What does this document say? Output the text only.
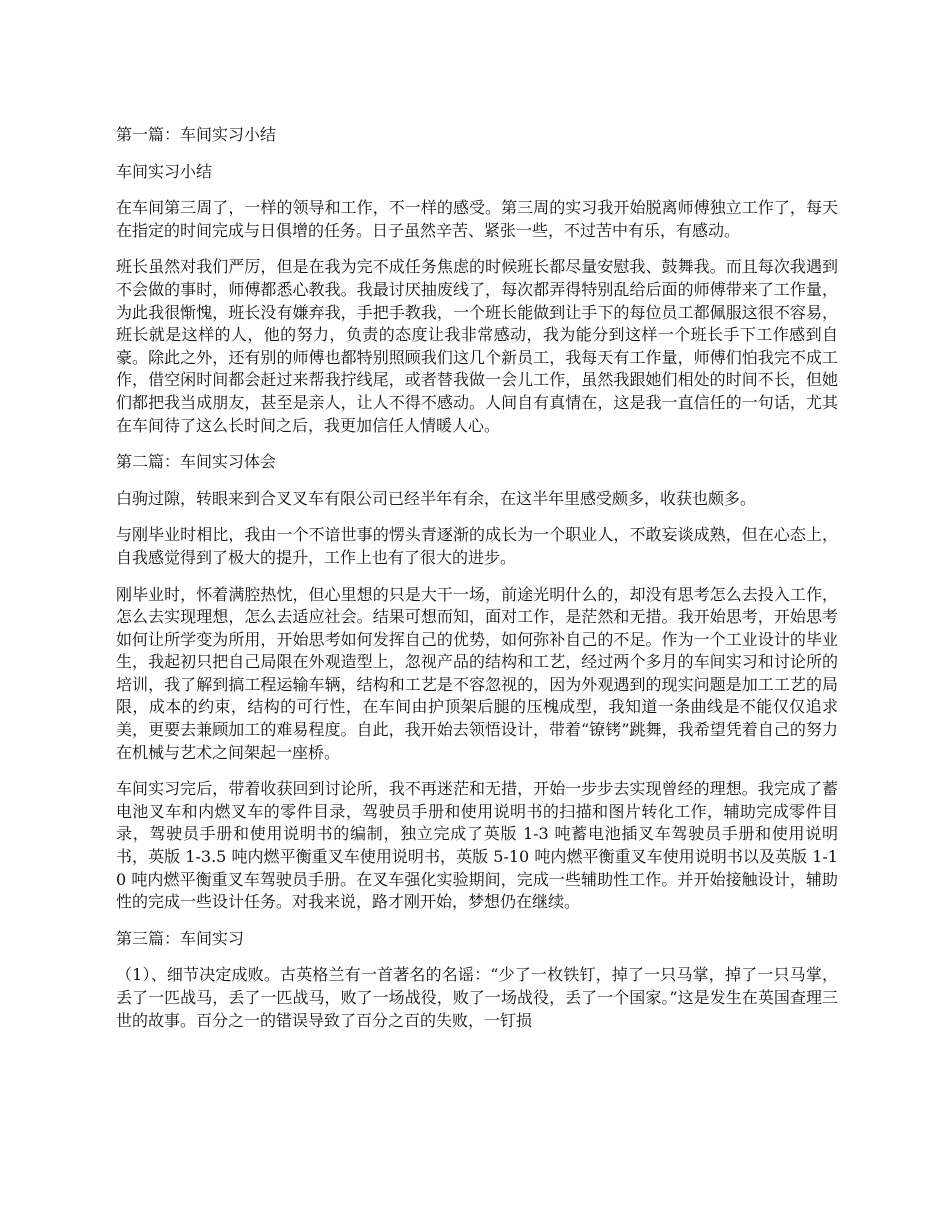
第一篇：车间实习小结
车间实习小结

在车间第三周了，一样的领导和工作，不一样的感受。第三周的实习我开始脱离师傅独立工作了，每天在指定的时间完成与日俱增的任务。日子虽然辛苦、紧张一些，不过苦中有乐，有感动。

班长虽然对我们严厉，但是在我为完不成任务焦虑的时候班长都尽量安慰我、鼓舞我。而且每次我遇到不会做的事时，师傅都悉心教我。我最讨厌抽废线了，每次都弄得特别乱给后面的师傅带来了工作量，为此我很惭愧，班长没有嫌弃我，手把手教我，一个班长能做到让手下的每位员工都佩服这很不容易，班长就是这样的人，他的努力，负责的态度让我非常感动，我为能分到这样一个班长手下工作感到自豪。除此之外，还有别的师傅也都特别照顾我们这几个新员工，我每天有工作量，师傅们怕我完不成工作，借空闲时间都会赶过来帮我拧线尾，或者替我做一会儿工作，虽然我跟她们相处的时间不长，但她们都把我当成朋友，甚至是亲人，让人不得不感动。人间自有真情在，这是我一直信任的一句话，尤其在车间待了这么长时间之后，我更加信任人情暖人心。

第二篇：车间实习体会

白驹过隙，转眼来到合叉叉车有限公司已经半年有余，在这半年里感受颇多，收获也颇多。

与刚毕业时相比，我由一个不谙世事的愣头青逐渐的成长为一个职业人，不敢妄谈成熟，但在心态上，自我感觉得到了极大的提升，工作上也有了很大的进步。

刚毕业时，怀着满腔热忱，但心里想的只是大干一场，前途光明什么的，却没有思考怎么去投入工作，怎么去实现理想，怎么去适应社会。结果可想而知，面对工作，是茫然和无措。我开始思考，开始思考如何让所学变为所用，开始思考如何发挥自己的优势，如何弥补自己的不足。作为一个工业设计的毕业生，我起初只把自己局限在外观造型上，忽视产品的结构和工艺，经过两个多月的车间实习和讨论所的培训，我了解到搞工程运输车辆，结构和工艺是不容忽视的，因为外观遇到的现实问题是加工工艺的局限，成本的约束，结构的可行性，在车间由护顶架后腿的压槐成型，我知道一条曲线是不能仅仅追求美，更要去兼顾加工的难易程度。自此，我开始去领悟设计，带着“镣铐”跳舞，我希望凭着自己的努力在机械与艺术之间架起一座桥。

车间实习完后，带着收获回到讨论所，我不再迷茫和无措，开始一步步去实现曾经的理想。我完成了蓄电池叉车和内燃叉车的零件目录，驾驶员手册和使用说明书的扫描和图片转化工作，辅助完成零件目录，驾驶员手册和使用说明书的编制，独立完成了英版 1-3 吨蓄电池插叉车驾驶员手册和使用说明书，英版 1-3.5 吨内燃平衡重叉车使用说明书，英版 5-10 吨内燃平衡重叉车使用说明书以及英版 1-10 吨内燃平衡重叉车驾驶员手册。在叉车强化实验期间，完成一些辅助性工作。并开始接触设计，辅助性的完成一些设计任务。对我来说，路才刚开始，梦想仍在继续。

第三篇：车间实习

（1）、细节决定成败。古英格兰有一首著名的名谣：“少了一枚铁钉，掉了一只马掌，掉了一只马掌，丢了一匹战马，丢了一匹战马，败了一场战役，败了一场战役，丢了一个国家。”这是发生在英国查理三世的故事。百分之一的错误导致了百分之百的失败，一钉损
